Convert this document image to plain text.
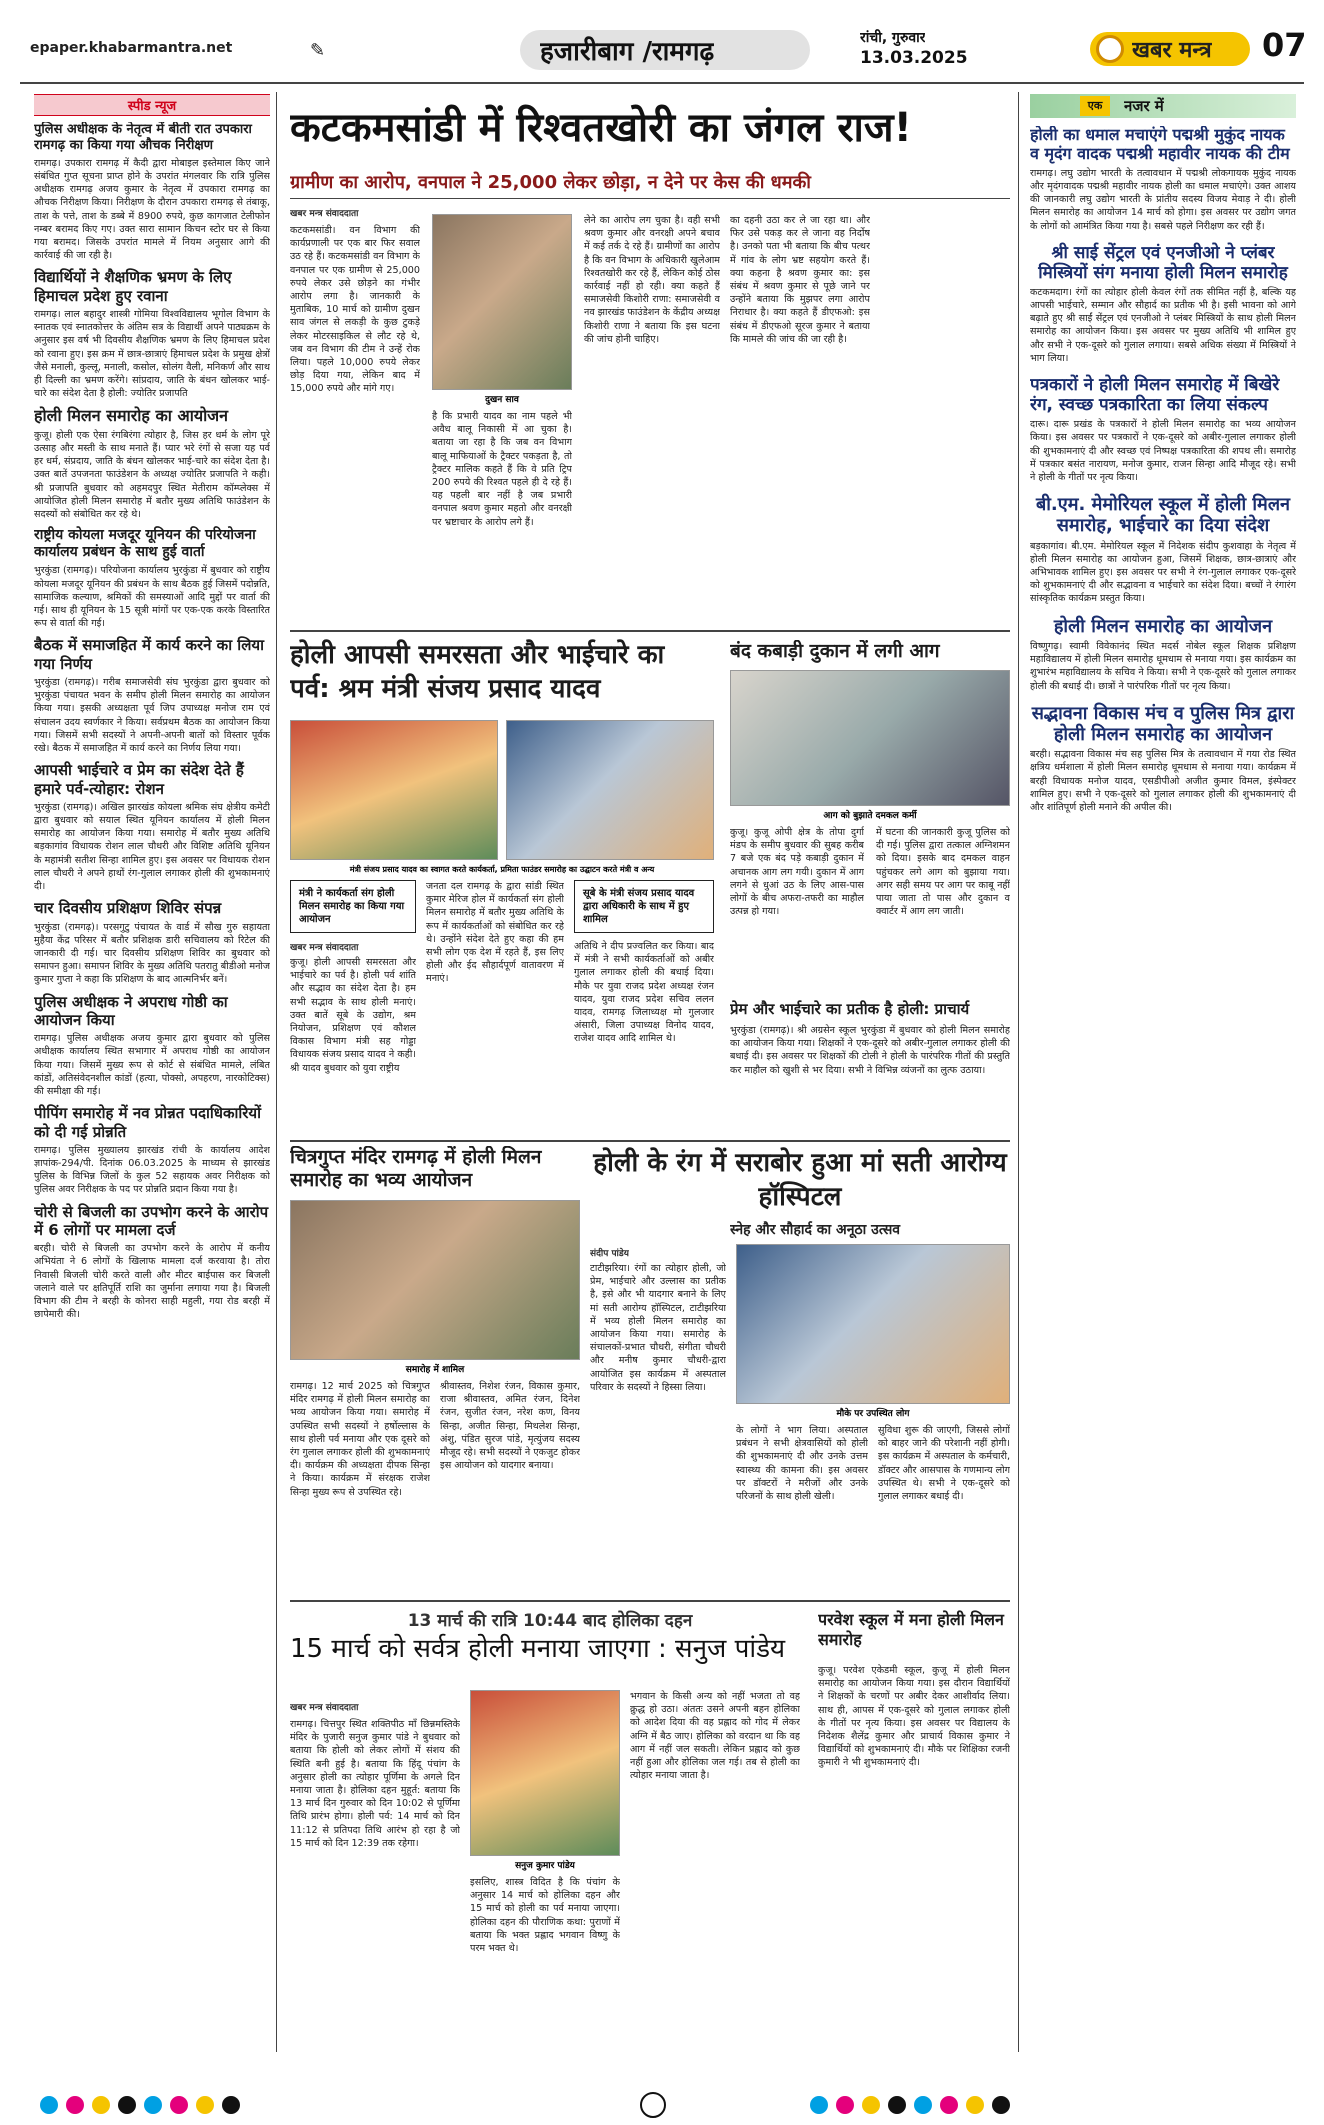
epaper.khabarmantra.net	✎	हजारीबाग /रामगढ़	रांची, गुरुवार
13.03.2025	खबर मन्त्र 07
स्पीड न्यूज
पुलिस अधीक्षक के नेतृत्व में बीती रात उपकारा रामगढ़ का किया गया औचक निरीक्षण
रामगढ़। उपकारा रामगढ़ में कैदी द्वारा मोबाइल इस्तेमाल किए जाने संबंधित गुप्त सूचना प्राप्त होने के उपरांत मंगलवार कि रात्रि पुलिस अधीक्षक रामगढ़ अजय कुमार के नेतृत्व में उपकारा रामगढ़ का औचक निरीक्षण किया। निरीक्षण के दौरान उपकारा रामगढ़ से तंबाकू, ताश के पत्ते, ताश के डब्बे में 8900 रुपये, कुछ कागजात टेलीफोन नम्बर बरामद किए गए। उक्त सारा सामान किचन स्टोर घर से किया गया बरामद। जिसके उपरांत मामले में नियम अनुसार आगे की कार्रवाई की जा रही है।
विद्यार्थियों ने शैक्षणिक भ्रमण के लिए हिमाचल प्रदेश हुए रवाना
रामगढ़। लाल बहादुर शास्त्री गोमिया विश्वविद्यालय भूगोल विभाग के स्नातक एवं स्नातकोत्तर के अंतिम सत्र के विद्यार्थी अपने पाठ्यक्रम के अनुसार इस वर्ष भी दिवसीय शैक्षणिक भ्रमण के लिए हिमाचल प्रदेश को रवाना हुए। इस क्रम में छात्र-छात्राएं हिमाचल प्रदेश के प्रमुख क्षेत्रों जैसे मनाली, कुल्लू, मनाली, कसोल, सोलंग वैली, मनिकर्ण और साथ ही दिल्ली का भ्रमण करेंगे। सांप्रदाय, जाति के बंधन खोलकर भाई-चारे का संदेश देता है होली: ज्योतिर प्रजापति
होली मिलन समारोह का आयोजन
कुजू। होली एक ऐसा रंगबिरंगा त्योहार है, जिस हर धर्म के लोग पूरे उत्साह और मस्ती के साथ मनाते हैं। प्यार भरे रंगों से सजा यह पर्व हर धर्म, संप्रदाय, जाति के बंधन खोलकर भाई-चारे का संदेश देता है। उक्त बातें उपजनता फाउंडेशन के अध्यक्ष ज्योतिर प्रजापति ने कही। श्री प्रजापति बुधवार को अहमदपुर स्थित मेतीराम कॉम्प्लेक्स में आयोजित होली मिलन समारोह में बतौर मुख्य अतिथि फाउंडेशन के सदस्यों को संबोधित कर रहे थे।
राष्ट्रीय कोयला मजदूर यूनियन की परियोजना कार्यालय प्रबंधन के साथ हुई वार्ता
भुरकुंडा (रामगढ़)। परियोजना कार्यालय भुरकुंडा में बुधवार को राष्ट्रीय कोयला मजदूर यूनियन की प्रबंधन के साथ बैठक हुई जिसमें पदोन्नति, सामाजिक कल्याण, श्रमिकों की समस्याओं आदि मुद्दों पर वार्ता की गई। साथ ही यूनियन के 15 सूत्री मांगों पर एक-एक करके विस्तारित रूप से वार्ता की गई।
बैठक में समाजहित में कार्य करने का लिया गया निर्णय
भुरकुंडा (रामगढ़)। गरीब समाजसेवी संघ भुरकुंडा द्वारा बुधवार को भुरकुंडा पंचायत भवन के समीप होली मिलन समारोह का आयोजन किया गया। इसकी अध्यक्षता पूर्व जिप उपाध्यक्ष मनोज राम एवं संचालन उदय स्वर्णकार ने किया। सर्वप्रथम बैठक का आयोजन किया गया। जिसमें सभी सदस्यों ने अपनी-अपनी बातों को विस्तार पूर्वक रखे। बैठक में समाजहित में कार्य करने का निर्णय लिया गया।
आपसी भाईचारे व प्रेम का संदेश देते हैं हमारे पर्व-त्योहार: रोशन
भुरकुंडा (रामगढ़)। अखिल झारखंड कोयला श्रमिक संघ क्षेत्रीय कमेटी द्वारा बुधवार को सयाल स्थित यूनियन कार्यालय में होली मिलन समारोह का आयोजन किया गया। समारोह में बतौर मुख्य अतिथि बड़कागांव विधायक रोशन लाल चौधरी और विशिष्ट अतिथि यूनियन के महामंत्री सतीश सिन्हा शामिल हुए। इस अवसर पर विधायक रोशन लाल चौधरी ने अपने हाथों रंग-गुलाल लगाकर होली की शुभकामनाएं दी।
चार दिवसीय प्रशिक्षण शिविर संपन्न
भुरकुंडा (रामगढ़)। परसगुटु पंचायत के वार्ड में सौख गुरु सहायता मुहैया केंद्र परिसर में बतौर प्रशिक्षक डारी सचिवालय को रिटेल की जानकारी दी गई। चार दिवसीय प्रशिक्षण शिविर का बुधवार को समापन हुआ। समापन शिविर के मुख्य अतिथि पतरातु बीडीओ मनोज कुमार गुप्ता ने कहा कि प्रशिक्षण के बाद आत्मनिर्भर बनें।
पुलिस अधीक्षक ने अपराध गोष्ठी का आयोजन किया
रामगढ़। पुलिस अधीक्षक अजय कुमार द्वारा बुधवार को पुलिस अधीक्षक कार्यालय स्थित सभागार में अपराध गोष्ठी का आयोजन किया गया। जिसमें मुख्य रूप से कोर्ट से संबंधित मामले, लंबित कांडों, अतिसंवेदनशील कांडों (हत्या, पोक्सो, अपहरण, नारकोटिक्स) की समीक्षा की गई।
पीपिंग समारोह में नव प्रोन्नत पदाधिकारियों को दी गई प्रोन्नति
रामगढ़। पुलिस मुख्यालय झारखंड रांची के कार्यालय आदेश ज्ञापांक-294/पी. दिनांक 06.03.2025 के माध्यम से झारखंड पुलिस के विभिन्न जिलों के कुल 52 सहायक अवर निरीक्षक को पुलिस अवर निरीक्षक के पद पर प्रोन्नति प्रदान किया गया है।
चोरी से बिजली का उपभोग करने के आरोप में 6 लोगों पर मामला दर्ज
बरही। चोरी से बिजली का उपभोग करने के आरोप में कनीय अभियंता ने 6 लोगों के खिलाफ मामला दर्ज करवाया है। तोरा निवासी बिजली चोरी करते वाली और मीटर बाईपास कर बिजली जलाने वाले पर क्षतिपूर्ति राशि का जुर्माना लगाया गया है। बिजली विभाग की टीम ने बरही के कोनरा साही महुली, गया रोड बरही में छापेमारी की।
कटकमसांडी में रिश्वतखोरी का जंगल राज!
ग्रामीण का आरोप, वनपाल ने 25,000 लेकर छोड़ा, न देने पर केस की धमकी
खबर मन्त्र संवाददाता
कटकमसांडी। वन विभाग की कार्यप्रणाली पर एक बार फिर सवाल उठ रहे हैं। कटकमसांडी वन विभाग के वनपाल पर एक ग्रामीण से 25,000 रुपये लेकर उसे छोड़ने का गंभीर आरोप लगा है। जानकारी के मुताबिक, 10 मार्च को ग्रामीण दुखन साव जंगल से लकड़ी के कुछ टुकड़े लेकर मोटरसाइकिल से लौट रहे थे, जब वन विभाग की टीम ने उन्हें रोक लिया। पहले 10,000 रुपये लेकर छोड़ दिया गया, लेकिन बाद में 15,000 रुपये और मांगे गए।
दुखन साव
है कि प्रभारी यादव का नाम पहले भी अवैध बालू निकासी में आ चुका है। बताया जा रहा है कि जब वन विभाग बालू माफियाओं के ट्रैक्टर पकड़ता है, तो ट्रैक्टर मालिक कहते हैं कि वे प्रति ट्रिप 200 रुपये की रिश्वत पहले ही दे रहे हैं। यह पहली बार नहीं है जब प्रभारी वनपाल श्रवण कुमार महतो और वनरक्षी पर भ्रष्टाचार के आरोप लगे हैं।
लेने का आरोप लग चुका है। वही सभी श्रवण कुमार और वनरक्षी अपने बचाव में कई तर्क दे रहे हैं। ग्रामीणों का आरोप है कि वन विभाग के अधिकारी खुलेआम रिश्वतखोरी कर रहे हैं, लेकिन कोई ठोस कार्रवाई नहीं हो रही। क्या कहते हैं समाजसेवी किशोरी राणा: समाजसेवी व नव झारखंड फाउंडेशन के केंद्रीय अध्यक्ष किशोरी राणा ने बताया कि इस घटना की जांच होनी चाहिए।
का दहनी उठा कर ले जा रहा था। और फिर उसे पकड़ कर ले जाना वह निर्दोष है। उनको पता भी बताया कि बीच पत्थर में गांव के लोग भ्रष्ट सहयोग करते हैं। क्या कहना है श्रवण कुमार का: इस संबंध में श्रवण कुमार से पूछे जाने पर उन्होंने बताया कि मुझपर लगा आरोप निराधार है। क्या कहते हैं डीएफओ: इस संबंध में डीएफओ सूरज कुमार ने बताया कि मामले की जांच की जा रही है।
होली आपसी समरसता और भाईचारे का पर्व: श्रम मंत्री संजय प्रसाद यादव
मंत्री संजय प्रसाद यादव का स्वागत करते कार्यकर्ता, प्रमिता फाउंडर समारोह का उद्घाटन करते मंत्री व अन्य
मंत्री ने कार्यकर्ता संग होली मिलन समारोह का किया गया आयोजन
खबर मन्त्र संवाददाता
कुजू। होली आपसी समरसता और भाईचारे का पर्व है। होली पर्व शांति और सद्भाव का संदेश देता है। हम सभी सद्भाव के साथ होली मनाएं। उक्त बातें सूबे के उद्योग, श्रम नियोजन, प्रशिक्षण एवं कौशल विकास विभाग मंत्री सह गोड्डा विधायक संजय प्रसाद यादव ने कही। श्री यादव बुधवार को युवा राष्ट्रीय
जनता दल रामगढ़ के द्वारा सांडी स्थित कुमार मेरिज होल में कार्यकर्ता संग होली मिलन समारोह में बतौर मुख्य अतिथि के रूप में कार्यकर्ताओं को संबोधित कर रहे थे। उन्होंने संदेश देते हुए कहा की हम सभी लोग एक देश में रहते हैं, इस लिए होली और ईद सौहार्दपूर्ण वातावरण में मनाएं।
सूबे के मंत्री संजय प्रसाद यादव द्वारा अधिकारी के साथ में हुए शामिल
अतिथि ने दीप प्रज्वलित कर किया। बाद में मंत्री ने सभी कार्यकर्ताओं को अबीर गुलाल लगाकर होली की बधाई दिया। मौके पर युवा राजद प्रदेश अध्यक्ष रंजन यादव, युवा राजद प्रदेश सचिव ललन यादव, रामगढ़ जिलाध्यक्ष मो गुलजार अंसारी, जिला उपाध्यक्ष विनोद यादव, राजेश यादव आदि शामिल थे।
बंद कबाड़ी दुकान में लगी आग
आग को बुझाते दमकल कर्मी
कुजू। कुजू ओपी क्षेत्र के तोपा दुर्गा मंडप के समीप बुधवार की सुबह करीब 7 बजे एक बंद पड़े कबाड़ी दुकान में अचानक आग लग गयी। दुकान में आग लगने से धुआं उठ के लिए आस-पास लोगों के बीच अफरा-तफरी का माहौल उत्पन्न हो गया।
में घटना की जानकारी कुजू पुलिस को दी गई। पुलिस द्वारा तत्काल अग्निशमन को दिया। इसके बाद दमकल वाहन पहुंचकर लगे आग को बुझाया गया। अगर सही समय पर आग पर काबू नहीं पाया जाता तो पास और दुकान व क्वार्टर में आग लग जाती।
प्रेम और भाईचारे का प्रतीक है होली: प्राचार्य
भुरकुंडा (रामगढ़)। श्री अग्रसेन स्कूल भुरकुंडा में बुधवार को होली मिलन समारोह का आयोजन किया गया। शिक्षकों ने एक-दूसरे को अबीर-गुलाल लगाकर होली की बधाई दी। इस अवसर पर शिक्षकों की टोली ने होली के पारंपरिक गीतों की प्रस्तुति कर माहौल को खुशी से भर दिया। सभी ने विभिन्न व्यंजनों का लुत्फ उठाया।
चित्रगुप्त मंदिर रामगढ़ में होली मिलन समारोह का भव्य आयोजन
समारोह में शामिल
रामगढ़। 12 मार्च 2025 को चित्रगुप्त मंदिर रामगढ़ में होली मिलन समारोह का भव्य आयोजन किया गया। समारोह में उपस्थित सभी सदस्यों ने हर्षोल्लास के साथ होली पर्व मनाया और एक दूसरे को रंग गुलाल लगाकर होली की शुभकामनाएं दी। कार्यक्रम की अध्यक्षता दीपक सिन्हा ने किया। कार्यक्रम में संरक्षक राजेश सिन्हा मुख्य रूप से उपस्थित रहे।
श्रीवास्तव, निशेश रंजन, विकास कुमार, राजा श्रीवास्तव, अमित रंजन, दिनेश रंजन, सुजीत रंजन, नरेश कण, विनय सिन्हा, अजीत सिन्हा, मिथलेश सिन्हा, अंशु, पंडित सुरज पांडे, मृत्युंजय सदस्य मौजूद रहे। सभी सदस्यों ने एकजुट होकर इस आयोजन को यादगार बनाया।
होली के रंग में सराबोर हुआ मां सती आरोग्य हॉस्पिटल
स्नेह और सौहार्द का अनूठा उत्सव
संदीप पांडेय
टाटीझरिया। रंगों का त्योहार होली, जो प्रेम, भाईचारे और उल्लास का प्रतीक है, इसे और भी यादगार बनाने के लिए मां सती आरोग्य हॉस्पिटल, टाटीझरिया में भव्य होली मिलन समारोह का आयोजन किया गया। समारोह के संचालकों-प्रभात चौधरी, संगीता चौधरी और मनीष कुमार चौधरी-द्वारा आयोजित इस कार्यक्रम में अस्पताल परिवार के सदस्यों ने हिस्सा लिया।
मौके पर उपस्थित लोग
के लोगों ने भाग लिया। अस्पताल प्रबंधन ने सभी क्षेत्रवासियों को होली की शुभकामनाएं दी और उनके उत्तम स्वास्थ्य की कामना की। इस अवसर पर डॉक्टरों ने मरीजों और उनके परिजनों के साथ होली खेली।
सुविधा शुरू की जाएगी, जिससे लोगों को बाहर जाने की परेशानी नहीं होगी। इस कार्यक्रम में अस्पताल के कर्मचारी, डॉक्टर और आसपास के गणमान्य लोग उपस्थित थे। सभी ने एक-दूसरे को गुलाल लगाकर बधाई दी।
13 मार्च की रात्रि 10:44 बाद होलिका दहन
15 मार्च को सर्वत्र होली मनाया जाएगा : सनुज पांडेय
खबर मन्त्र संवाददाता
रामगढ़। चित्तपुर स्थित शक्तिपीठ माँ छिन्नमस्तिके मंदिर के पुजारी सनुज कुमार पांडे ने बुधवार को बताया कि होली को लेकर लोगों में संशय की स्थिति बनी हुई है। बताया कि हिंदू पंचांग के अनुसार होली का त्योहार पूर्णिमा के अगले दिन मनाया जाता है। होलिका दहन मुहूर्त: बताया कि 13 मार्च दिन गुरुवार को दिन 10:02 से पूर्णिमा तिथि प्रारंभ होगा। होली पर्व: 14 मार्च को दिन 11:12 से प्रतिपदा तिथि आरंभ हो रहा है जो 15 मार्च को दिन 12:39 तक रहेगा।
सनुज कुमार पांडेय
इसलिए, शास्त्र विदित है कि पंचांग के अनुसार 14 मार्च को होलिका दहन और 15 मार्च को होली का पर्व मनाया जाएगा। होलिका दहन की पौराणिक कथा: पुराणों में बताया कि भक्त प्रह्लाद भगवान विष्णु के परम भक्त थे।
भगवान के किसी अन्य को नहीं भजता तो वह क्रुद्ध हो उठा। अंततः उसने अपनी बहन होलिका को आदेश दिया की वह प्रह्लाद को गोद में लेकर अग्नि में बैठ जाए। होलिका को वरदान था कि वह आग में नहीं जल सकती। लेकिन प्रह्लाद को कुछ नहीं हुआ और होलिका जल गई। तब से होली का त्योहार मनाया जाता है।
परवेश स्कूल में मना होली मिलन समारोह
कुजू। परवेश एकेडमी स्कूल, कुजू में होली मिलन समारोह का आयोजन किया गया। इस दौरान विद्यार्थियों ने शिक्षकों के चरणों पर अबीर देकर आशीर्वाद लिया। साथ ही, आपस में एक-दूसरे को गुलाल लगाकर होली के गीतों पर नृत्य किया। इस अवसर पर विद्यालय के निदेशक शैलेंद्र कुमार और प्राचार्य विकास कुमार ने विद्यार्थियों को शुभकामनाएं दी। मौके पर शिक्षिका रजनी कुमारी ने भी शुभकामनाएं दी।
एक	नजर में
होली का धमाल मचाएंगे पद्मश्री मुकुंद नायक व मृदंग वादक पद्मश्री महावीर नायक की टीम
रामगढ़। लघु उद्योग भारती के तत्वावधान में पद्मश्री लोकगायक मुकुंद नायक और मृदंगवादक पद्मश्री महावीर नायक होली का धमाल मचाएंगे। उक्त आशय की जानकारी लघु उद्योग भारती के प्रांतीय सदस्य विजय मेवाड़ ने दी। होली मिलन समारोह का आयोजन 14 मार्च को होगा। इस अवसर पर उद्योग जगत के लोगों को आमंत्रित किया गया है। सबसे पहले निरीक्षण कर रही हैं।
श्री साई सेंट्रल एवं एनजीओ ने प्लंबर मिस्त्रियों संग मनाया होली मिलन समारोह
कटकमदाग। रंगों का त्योहार होली केवल रंगों तक सीमित नहीं है, बल्कि यह आपसी भाईचारे, सम्मान और सौहार्द का प्रतीक भी है। इसी भावना को आगे बढ़ाते हुए श्री साईं सेंट्रल एवं एनजीओ ने प्लंबर मिस्त्रियों के साथ होली मिलन समारोह का आयोजन किया। इस अवसर पर मुख्य अतिथि भी शामिल हुए और सभी ने एक-दूसरे को गुलाल लगाया। सबसे अधिक संख्या में मिस्त्रियों ने भाग लिया।
पत्रकारों ने होली मिलन समारोह में बिखेरे रंग, स्वच्छ पत्रकारिता का लिया संकल्प
दारू। दारू प्रखंड के पत्रकारों ने होली मिलन समारोह का भव्य आयोजन किया। इस अवसर पर पत्रकारों ने एक-दूसरे को अबीर-गुलाल लगाकर होली की शुभकामनाएं दी और स्वच्छ एवं निष्पक्ष पत्रकारिता की शपथ ली। समारोह में पत्रकार बसंत नारायण, मनोज कुमार, राजन सिन्हा आदि मौजूद रहे। सभी ने होली के गीतों पर नृत्य किया।
बी.एम. मेमोरियल स्कूल में होली मिलन समारोह, भाईचारे का दिया संदेश
बड़कागांव। बी.एम. मेमोरियल स्कूल में निदेशक संदीप कुशवाहा के नेतृत्व में होली मिलन समारोह का आयोजन हुआ, जिसमें शिक्षक, छात्र-छात्राएं और अभिभावक शामिल हुए। इस अवसर पर सभी ने रंग-गुलाल लगाकर एक-दूसरे को शुभकामनाएं दी और सद्भावना व भाईचारे का संदेश दिया। बच्चों ने रंगारंग सांस्कृतिक कार्यक्रम प्रस्तुत किया।
होली मिलन समारोह का आयोजन
विष्णुगढ़। स्वामी विवेकानंद स्थित मदर्स नोबेल स्कूल शिक्षक प्रशिक्षण महाविद्यालय में होली मिलन समारोह धूमधाम से मनाया गया। इस कार्यक्रम का शुभारंभ महाविद्यालय के सचिव ने किया। सभी ने एक-दूसरे को गुलाल लगाकर होली की बधाई दी। छात्रों ने पारंपरिक गीतों पर नृत्य किया।
सद्भावना विकास मंच व पुलिस मित्र द्वारा होली मिलन समारोह का आयोजन
बरही। सद्भावना विकास मंच सह पुलिस मित्र के तत्वावधान में गया रोड स्थित क्षत्रिय धर्मशाला में होली मिलन समारोह धूमधाम से मनाया गया। कार्यक्रम में बरही विधायक मनोज यादव, एसडीपीओ अजीत कुमार विमल, इंस्पेक्टर शामिल हुए। सभी ने एक-दूसरे को गुलाल लगाकर होली की शुभकामनाएं दी और शांतिपूर्ण होली मनाने की अपील की।
